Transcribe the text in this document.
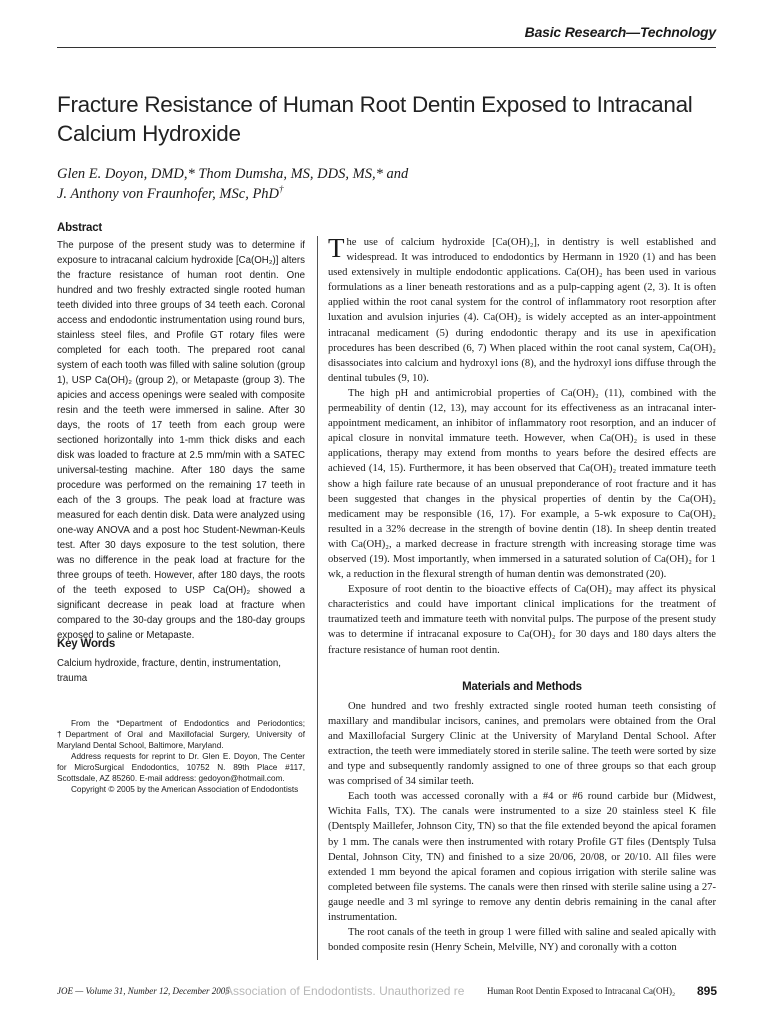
Basic Research—Technology
Fracture Resistance of Human Root Dentin Exposed to Intracanal Calcium Hydroxide
Glen E. Doyon, DMD,* Thom Dumsha, MS, DDS, MS,* and
J. Anthony von Fraunhofer, MSc, PhD†
Abstract
The purpose of the present study was to determine if exposure to intracanal calcium hydroxide [Ca(OH₂)] alters the fracture resistance of human root dentin. One hundred and two freshly extracted single rooted human teeth divided into three groups of 34 teeth each. Coronal access and endodontic instrumentation using round burs, stainless steel files, and Profile GT rotary files were completed for each tooth. The prepared root canal system of each tooth was filled with saline solution (group 1), USP Ca(OH)₂ (group 2), or Metapaste (group 3). The apicies and access openings were sealed with composite resin and the teeth were immersed in saline. After 30 days, the roots of 17 teeth from each group were sectioned horizontally into 1-mm thick disks and each disk was loaded to fracture at 2.5 mm/min with a SATEC universal-testing machine. After 180 days the same procedure was performed on the remaining 17 teeth in each of the 3 groups. The peak load at fracture was measured for each dentin disk. Data were analyzed using one-way ANOVA and a post hoc Student-Newman-Keuls test. After 30 days exposure to the test solution, there was no difference in the peak load at fracture for the three groups of teeth. However, after 180 days, the roots of the teeth exposed to USP Ca(OH)₂ showed a significant decrease in peak load at fracture when compared to the 30-day groups and the 180-day groups exposed to saline or Metapaste.
Key Words
Calcium hydroxide, fracture, dentin, instrumentation, trauma

From the *Department of Endodontics and Periodontics; †Department of Oral and Maxillofacial Surgery, University of Maryland Dental School, Baltimore, Maryland.

Address requests for reprint to Dr. Glen E. Doyon, The Center for MicroSurgical Endodontics, 10752 N. 89th Place #117, Scottsdale, AZ 85260. E-mail address: gedoyon@hotmail.com.

Copyright © 2005 by the American Association of Endodontists

The use of calcium hydroxide [Ca(OH)₂], in dentistry is well established and widespread. It was introduced to endodontics by Hermann in 1920 (1) and has been used extensively in multiple endodontic applications. Ca(OH)₂ has been used in various formulations as a liner beneath restorations and as a pulp-capping agent (2, 3). It is often applied within the root canal system for the control of inflammatory root resorption after luxation and avulsion injuries (4). Ca(OH)₂ is widely accepted as an inter-appointment intracanal medicament (5) during endodontic therapy and its use in apexification procedures has been described (6, 7) When placed within the root canal system, Ca(OH)₂ disassociates into calcium and hydroxyl ions (8), and the hydroxyl ions diffuse through the dentinal tubules (9, 10).

The high pH and antimicrobial properties of Ca(OH)₂ (11), combined with the permeability of dentin (12, 13), may account for its effectiveness as an intracanal inter-appointment medicament, an inhibitor of inflammatory root resorption, and an inducer of apical closure in nonvital immature teeth. However, when Ca(OH)₂ is used in these applications, therapy may extend from months to years before the desired effects are achieved (14, 15). Furthermore, it has been observed that Ca(OH)₂ treated immature teeth show a high failure rate because of an unusual preponderance of root fracture and it has been suggested that changes in the physical properties of dentin by the Ca(OH)₂ medicament may be responsible (16, 17). For example, a 5-wk exposure to Ca(OH)₂ resulted in a 32% decrease in the strength of bovine dentin (18). In sheep dentin treated with Ca(OH)₂, a marked decrease in fracture strength with increasing storage time was observed (19). Most importantly, when immersed in a saturated solution of Ca(OH)₂ for 1 wk, a reduction in the flexural strength of human dentin was demonstrated (20).

Exposure of root dentin to the bioactive effects of Ca(OH)₂ may affect its physical characteristics and could have important clinical implications for the treatment of traumatized teeth and immature teeth with nonvital pulps. The purpose of the present study was to determine if intracanal exposure to Ca(OH)₂ for 30 days and 180 days alters the fracture resistance of human root dentin.

Materials and Methods

One hundred and two freshly extracted single rooted human teeth consisting of maxillary and mandibular incisors, canines, and premolars were obtained from the Oral and Maxillofacial Surgery Clinic at the University of Maryland Dental School. After extraction, the teeth were immediately stored in sterile saline. The teeth were sorted by size and type and subsequently randomly assigned to one of three groups so that each group was comprised of 34 similar teeth.

Each tooth was accessed coronally with a #4 or #6 round carbide bur (Midwest, Wichita Falls, TX). The canals were instrumented to a size 20 stainless steel K file (Dentsply Maillefer, Johnson City, TN) so that the file extended beyond the apical foramen by 1 mm. The canals were then instrumented with rotary Profile GT files (Dentsply Tulsa Dental, Johnson City, TN) and finished to a size 20/06, 20/08, or 20/10. All files were extended 1 mm beyond the apical foramen and copious irrigation with sterile saline was completed between file systems. The canals were then rinsed with sterile saline using a 27-gauge needle and 3 ml syringe to remove any dentin debris remaining in the canal after instrumentation.

The root canals of the teeth in group 1 were filled with saline and sealed apically with bonded composite resin (Henry Schein, Melville, NY) and coronally with a cotton

JOE — Volume 31, Number 12, December 2005
Association of Endodontists. Unauthorized re	Human Root Dentin Exposed to Intracanal Ca(OH)₂ 895
